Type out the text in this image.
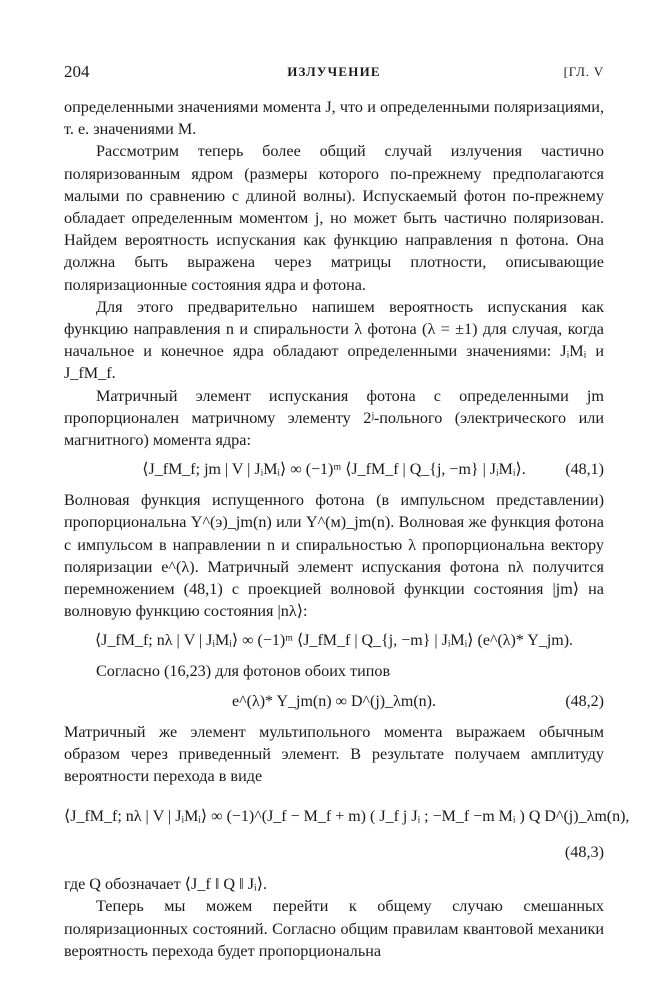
204	ИЗЛУЧЕНИЕ	[ГЛ. V

определенными значениями момента J, что и определенными поляризациями, т. е. значениями M.

Рассмотрим теперь более общий случай излучения частично поляризованным ядром (размеры которого по-прежнему предполагаются малыми по сравнению с длиной волны). Испускаемый фотон по-прежнему обладает определенным моментом j, но может быть частично поляризован. Найдем вероятность испускания как функцию направления n фотона. Она должна быть выражена через матрицы плотности, описывающие поляризационные состояния ядра и фотона.

Для этого предварительно напишем вероятность испускания как функцию направления n и спиральности λ фотона (λ = ±1) для случая, когда начальное и конечное ядра обладают определенными значениями: JᵢMᵢ и J_fM_f.

Матричный элемент испускания фотона с определенными jm пропорционален матричному элементу 2ʲ-польного (электрического или магнитного) момента ядра:

⟨J_fM_f; jm | V | JᵢMᵢ⟩ ∞ (−1)ᵐ ⟨J_fM_f | Q_{j, −m} | JᵢMᵢ⟩. (48,1)

Волновая функция испущенного фотона (в импульсном представлении) пропорциональна Y^(э)_jm(n) или Y^(м)_jm(n). Волновая же функция фотона с импульсом в направлении n и спиральностью λ пропорциональна вектору поляризации e^(λ). Матричный элемент испускания фотона nλ получится перемножением (48,1) с проекцией волновой функции состояния |jm⟩ на волновую функцию состояния |nλ⟩:

⟨J_fM_f; nλ | V | JᵢMᵢ⟩ ∞ (−1)ᵐ ⟨J_fM_f | Q_{j, −m} | JᵢMᵢ⟩ (e^(λ)* Y_jm).

Согласно (16,23) для фотонов обоих типов

e^(λ)* Y_jm(n) ∞ D^(j)_λm(n).	(48,2)

Матричный же элемент мультипольного момента выражаем обычным образом через приведенный элемент. В результате получаем амплитуду вероятности перехода в виде

⟨J_fM_f; nλ | V | JᵢMᵢ⟩ ∞ (−1)^(J_f − M_f + m) ( J_f j Jᵢ ; −M_f −m Mᵢ ) Q D^(j)_λm(n),
(48,3)

где Q обозначает ⟨J_f ‖ Q ‖ Jᵢ⟩.

Теперь мы можем перейти к общему случаю смешанных поляризационных состояний. Согласно общим правилам квантовой механики вероятность перехода будет пропорциональна
